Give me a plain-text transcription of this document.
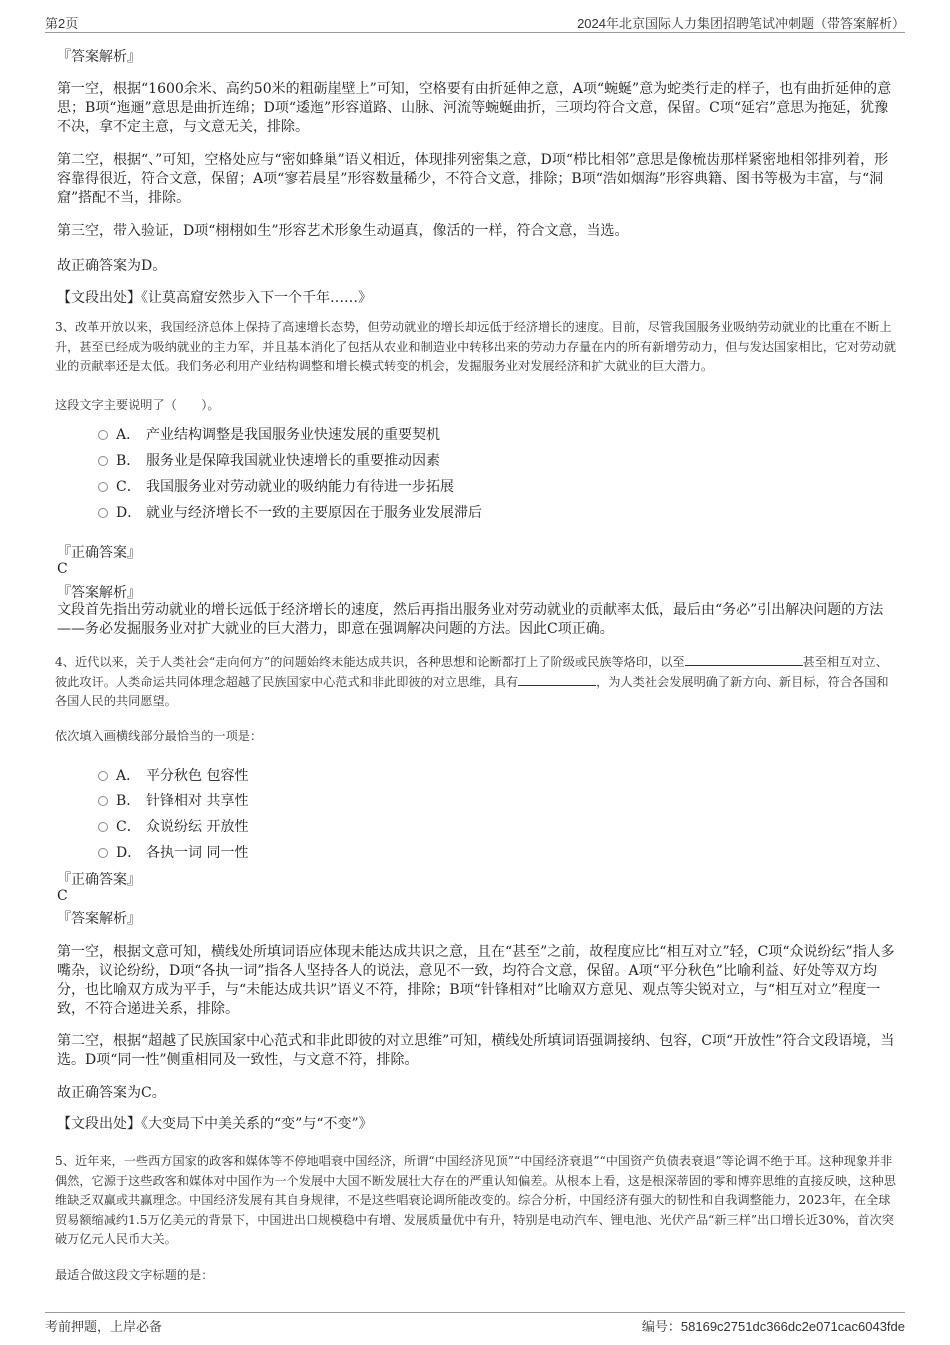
第2页	2024年北京国际人力集团招聘笔试冲刺题（带答案解析）
『答案解析』
第一空，根据“1600余米、高约50米的粗砺崖壁上”可知，空格要有由折延伸之意，A项“蜿蜒”意为蛇类行走的样子，也有曲折延伸的意思；B项“迤逦”意思是曲折连绵；D项“逶迤”形容道路、山脉、河流等蜿蜒曲折，三项均符合文意，保留。C项“延宕”意思为拖延，犹豫不决，拿不定主意，与文意无关，排除。
第二空，根据“、”可知，空格处应与“密如蜂巢”语义相近，体现排列密集之意，D项“栉比相邻”意思是像梳齿那样紧密地相邻排列着，形容靠得很近，符合文意，保留；A项“寥若晨星”形容数量稀少，不符合文意，排除；B项“浩如烟海”形容典籍、图书等极为丰富，与“洞窟”搭配不当，排除。
第三空，带入验证，D项“栩栩如生”形容艺术形象生动逼真，像活的一样，符合文意，当选。
故正确答案为D。
【文段出处】《让莫高窟安然步入下一个千年……》
3、改革开放以来，我国经济总体上保持了高速增长态势，但劳动就业的增长却远低于经济增长的速度。目前，尽管我国服务业吸纳劳动就业的比重在不断上升，甚至已经成为吸纳就业的主力军，并且基本消化了包括从农业和制造业中转移出来的劳动力存量在内的所有新增劳动力，但与发达国家相比，它对劳动就业的贡献率还是太低。我们务必利用产业结构调整和增长模式转变的机会，发掘服务业对发展经济和扩大就业的巨大潜力。
这段文字主要说明了（　　）。
A． 产业结构调整是我国服务业快速发展的重要契机
B． 服务业是保障我国就业快速增长的重要推动因素
C． 我国服务业对劳动就业的吸纳能力有待进一步拓展
D． 就业与经济增长不一致的主要原因在于服务业发展滞后
『正确答案』
C
『答案解析』
文段首先指出劳动就业的增长远低于经济增长的速度，然后再指出服务业对劳动就业的贡献率太低，最后由“务必”引出解决问题的方法——务必发掘服务业对扩大就业的巨大潜力，即意在强调解决问题的方法。因此C项正确。
4、近代以来，关于人类社会“走向何方”的问题始终未能达成共识，各种思想和论断都打上了阶级或民族等烙印，以至	甚至相互对立、彼此攻讦。人类命运共同体理念超越了民族国家中心范式和非此即彼的对立思维，具有	，为人类社会发展明确了新方向、新目标，符合各国和各国人民的共同愿望。
依次填入画横线部分最恰当的一项是：
A． 平分秋色 包容性
B． 针锋相对 共享性
C． 众说纷纭 开放性
D． 各执一词 同一性
『正确答案』
C
『答案解析』
第一空，根据文意可知，横线处所填词语应体现未能达成共识之意，且在“甚至”之前，故程度应比“相互对立”轻，C项“众说纷纭”指人多嘴杂，议论纷纷，D项“各执一词”指各人坚持各人的说法，意见不一致，均符合文意，保留。A项“平分秋色”比喻利益、好处等双方均分，也比喻双方成为平手，与“未能达成共识”语义不符，排除；B项“针锋相对”比喻双方意见、观点等尖锐对立，与“相互对立”程度一致，不符合递进关系，排除。
第二空，根据“超越了民族国家中心范式和非此即彼的对立思维”可知，横线处所填词语强调接纳、包容，C项“开放性”符合文段语境，当选。D项“同一性”侧重相同及一致性，与文意不符，排除。
故正确答案为C。
【文段出处】《大变局下中美关系的“变”与“不变”》
5、近年来，一些西方国家的政客和媒体等不停地唱衰中国经济，所谓“中国经济见顶”“中国经济衰退”“中国资产负债表衰退”等论调不绝于耳。这种现象并非偶然，它源于这些政客和媒体对中国作为一个发展中大国不断发展壮大存在的严重认知偏差。从根本上看，这是根深蒂固的零和博弈思维的直接反映，这种思维缺乏双赢或共赢理念。中国经济发展有其自身规律，不是这些唱衰论调所能改变的。综合分析，中国经济有强大的韧性和自我调整能力，2023年，在全球贸易额缩减约1.5万亿美元的背景下，中国进出口规模稳中有增、发展质量优中有升，特别是电动汽车、锂电池、光伏产品“新三样”出口增长近30%，首次突破万亿元人民币大关。
最适合做这段文字标题的是：
考前押题，上岸必备	编号：58169c2751dc366dc2e071cac6043fde
